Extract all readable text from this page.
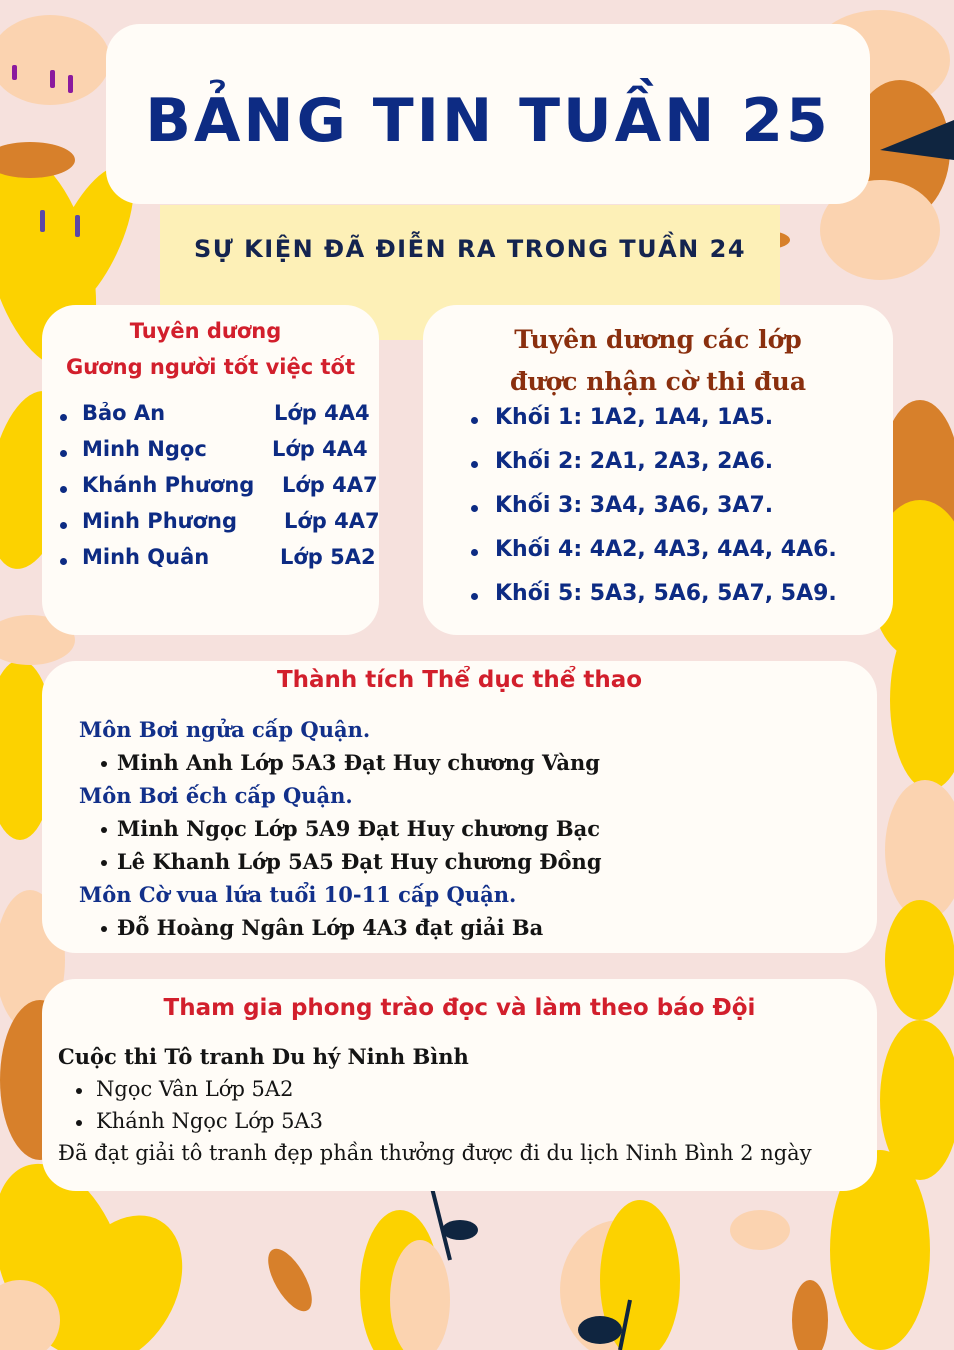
SỰ KIỆN ĐÃ ĐIỄN RA TRONG TUẦN 24
BẢNG TIN TUẦN 25
Tuyên dương
Gương người tốt việc tốt
Bảo An	Lớp 4A4
Minh Ngọc	Lớp 4A4
Khánh Phương Lớp 4A7
Minh Phương Lớp 4A7
Minh Quân	Lớp 5A2
Tuyên dương các lớp
được nhận cờ thi đua
Khối 1: 1A2, 1A4, 1A5.
Khối 2: 2A1, 2A3, 2A6.
Khối 3: 3A4, 3A6, 3A7.
Khối 4: 4A2, 4A3, 4A4, 4A6.
Khối 5: 5A3, 5A6, 5A7, 5A9.
Thành tích Thể dục thể thao
Môn Bơi ngửa cấp Quận.
Minh Anh Lớp 5A3 Đạt Huy chương Vàng
Môn Bơi ếch cấp Quận.
Minh Ngọc Lớp 5A9 Đạt Huy chương Bạc
Lê Khanh Lớp 5A5 Đạt Huy chương Đồng
Môn Cờ vua lứa tuổi 10-11 cấp Quận.
Đỗ Hoàng Ngân Lớp 4A3 đạt giải Ba
Tham gia phong trào đọc và làm theo báo Đội
Cuộc thi Tô tranh Du hý Ninh Bình
Ngọc Vân Lớp 5A2
Khánh Ngọc Lớp 5A3
Đã đạt giải tô tranh đẹp phần thưởng được đi du lịch Ninh Bình 2 ngày
